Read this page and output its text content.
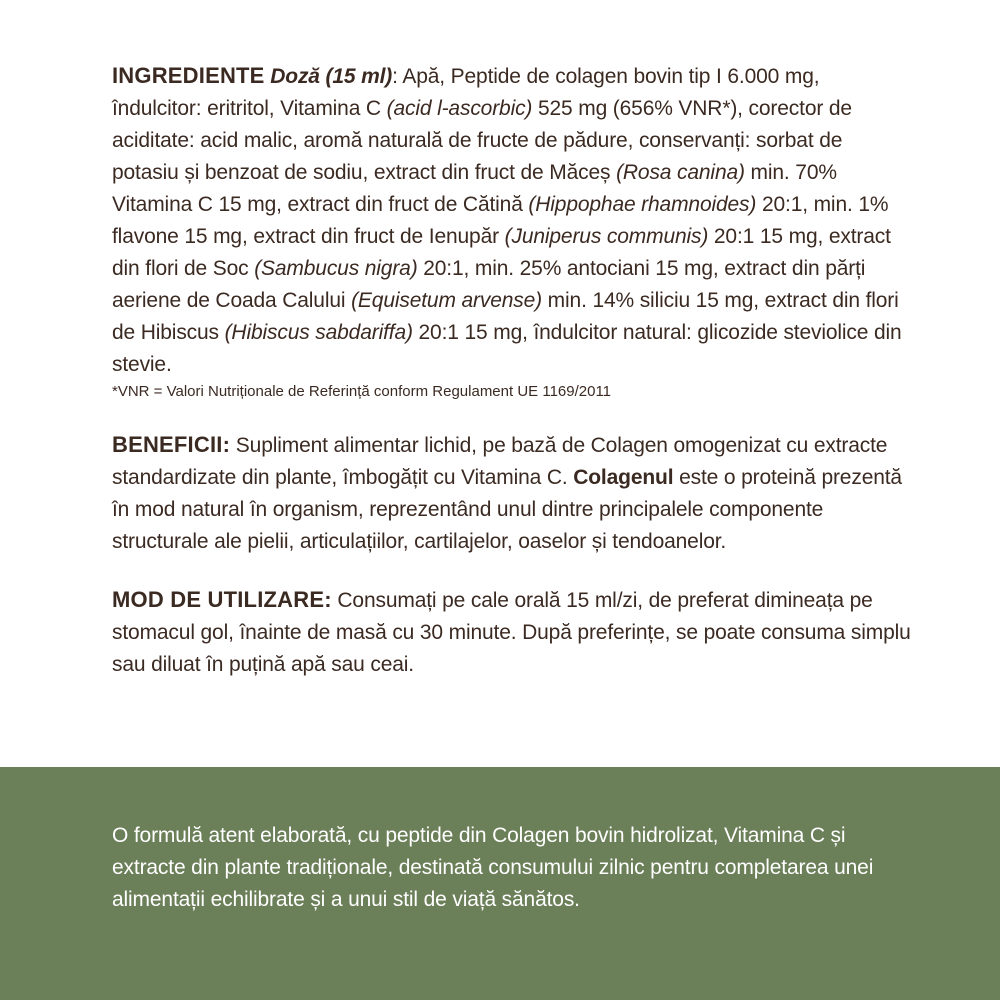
INGREDIENTE Doză (15 ml): Apă, Peptide de colagen bovin tip I 6.000 mg, îndulcitor: eritritol, Vitamina C (acid l-ascorbic) 525 mg (656% VNR*), corector de aciditate: acid malic, aromă naturală de fructe de pădure, conservanți: sorbat de potasiu și benzoat de sodiu, extract din fruct de Măceș (Rosa canina) min. 70% Vitamina C 15 mg, extract din fruct de Cătină (Hippophae rhamnoides) 20:1, min. 1% flavone 15 mg, extract din fruct de Ienupăr (Juniperus communis) 20:1 15 mg, extract din flori de Soc (Sambucus nigra) 20:1, min. 25% antociani 15 mg, extract din părți aeriene de Coada Calului (Equisetum arvense) min. 14% siliciu 15 mg, extract din flori de Hibiscus (Hibiscus sabdariffa) 20:1 15 mg, îndulcitor natural: glicozide steviolice din stevie.

*VNR = Valori Nutriționale de Referință conform Regulament UE 1169/2011

BENEFICII: Supliment alimentar lichid, pe bază de Colagen omogenizat cu extracte standardizate din plante, îmbogățit cu Vitamina C. Colagenul este o proteină prezentă în mod natural în organism, reprezentând unul dintre principalele componente structurale ale pielii, articulațiilor, cartilajelor, oaselor și tendoanelor.

MOD DE UTILIZARE: Consumați pe cale orală 15 ml/zi, de preferat dimineața pe stomacul gol, înainte de masă cu 30 minute. După preferințe, se poate consuma simplu sau diluat în puțină apă sau ceai.

O formulă atent elaborată, cu peptide din Colagen bovin hidrolizat, Vitamina C și extracte din plante tradiționale, destinată consumului zilnic pentru completarea unei alimentații echilibrate și a unui stil de viață sănătos.
